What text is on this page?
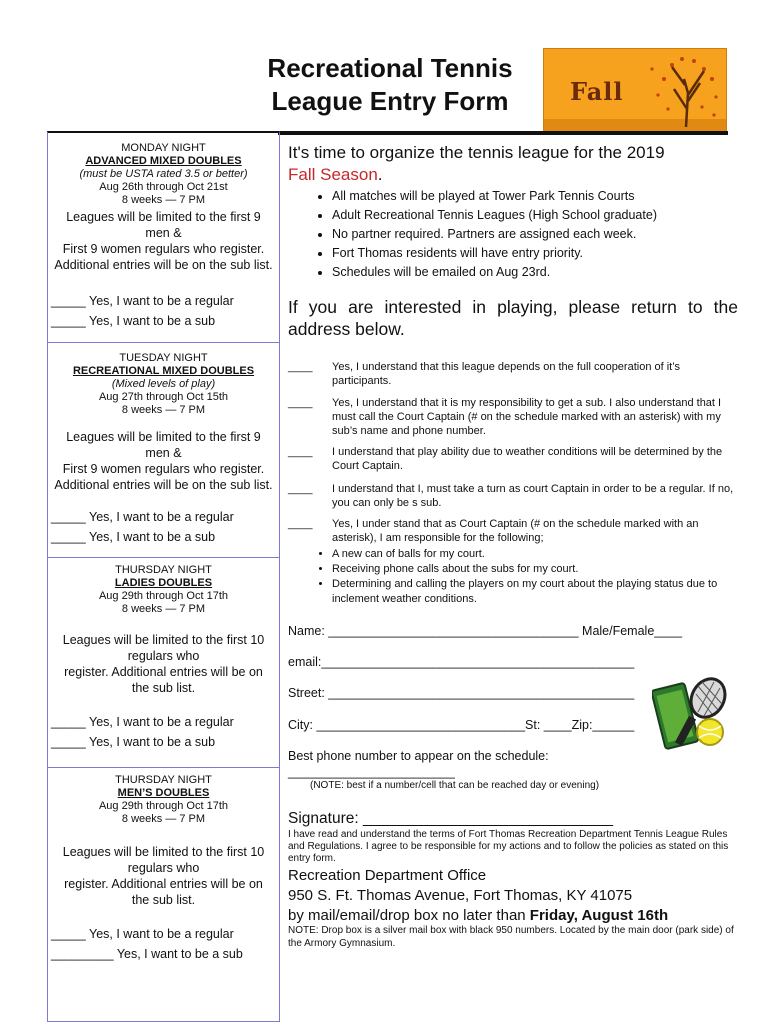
Recreational Tennis
League Entry Form	Fall
MONDAY NIGHT
ADVANCED MIXED DOUBLES
(must be USTA rated 3.5 or better)
Aug 26th through Oct 21st
8 weeks — 7 PM
Leagues will be limited to the first 9
men &
First 9 women regulars who register.
Additional entries will be on the sub list.
_____ Yes, I want to be a regular
_____ Yes, I want to be a sub
TUESDAY NIGHT
RECREATIONAL MIXED DOUBLES
(Mixed levels of play)
Aug 27th through Oct 15th
8 weeks — 7 PM
Leagues will be limited to the first 9
men &
First 9 women regulars who register.
Additional entries will be on the sub list.
_____ Yes, I want to be a regular
_____ Yes, I want to be a sub
THURSDAY NIGHT
LADIES DOUBLES
Aug 29th through Oct 17th
8 weeks — 7 PM
Leagues will be limited to the first 10
regulars who
register. Additional entries will be on
the sub list.
_____ Yes, I want to be a regular
_____ Yes, I want to be a sub
THURSDAY NIGHT
MEN’S DOUBLES
Aug 29th through Oct 17th
8 weeks — 7 PM
Leagues will be limited to the first 10
regulars who
register. Additional entries will be on
the sub list.
_____ Yes, I want to be a regular
_________ Yes, I want to be a sub
It's time to organize the tennis league for the 2019
Fall Season.
• All matches will be played at Tower Park Tennis Courts
• Adult Recreational Tennis Leagues (High School graduate)
• No partner required. Partners are assigned each week.
• Fort Thomas residents will have entry priority.
• Schedules will be emailed on Aug 23rd.
If you are interested in playing, please return to the address below.
____ Yes, I understand that this league depends on the full cooperation of it’s participants.
____ Yes, I understand that it is my responsibility to get a sub. I also understand that I must call the Court Captain (# on the schedule marked with an asterisk) with my sub’s name and phone number.
____ I understand that play ability due to weather conditions will be determined by the Court Captain.
____ I understand that I, must take a turn as court Captain in order to be a regular. If no, you can only be s sub.
____ Yes, I under stand that as Court Captain (# on the schedule marked with an asterisk), I am responsible for the following;
• A new can of balls for my court.
• Receiving phone calls about the subs for my court.
• Determining and calling the players on my court about the playing status due to inclement weather conditions.
Name: ____________________________________ Male/Female____
email:_____________________________________________
Street: ____________________________________________
City: ______________________________St: ____Zip:______
Best phone number to appear on the schedule:
________________________
(NOTE: best if a number/cell that can be reached day or evening)
Signature: _____________________________
I have read and understand the terms of Fort Thomas Recreation Department Tennis League Rules and Regulations. I agree to be responsible for my actions and to follow the policies as stated on this entry form.
Recreation Department Office
950 S. Ft. Thomas Avenue, Fort Thomas, KY 41075
by mail/email/drop box no later than Friday, August 16th
NOTE: Drop box is a silver mail box with black 950 numbers. Located by the main door (park side) of the Armory Gymnasium.
